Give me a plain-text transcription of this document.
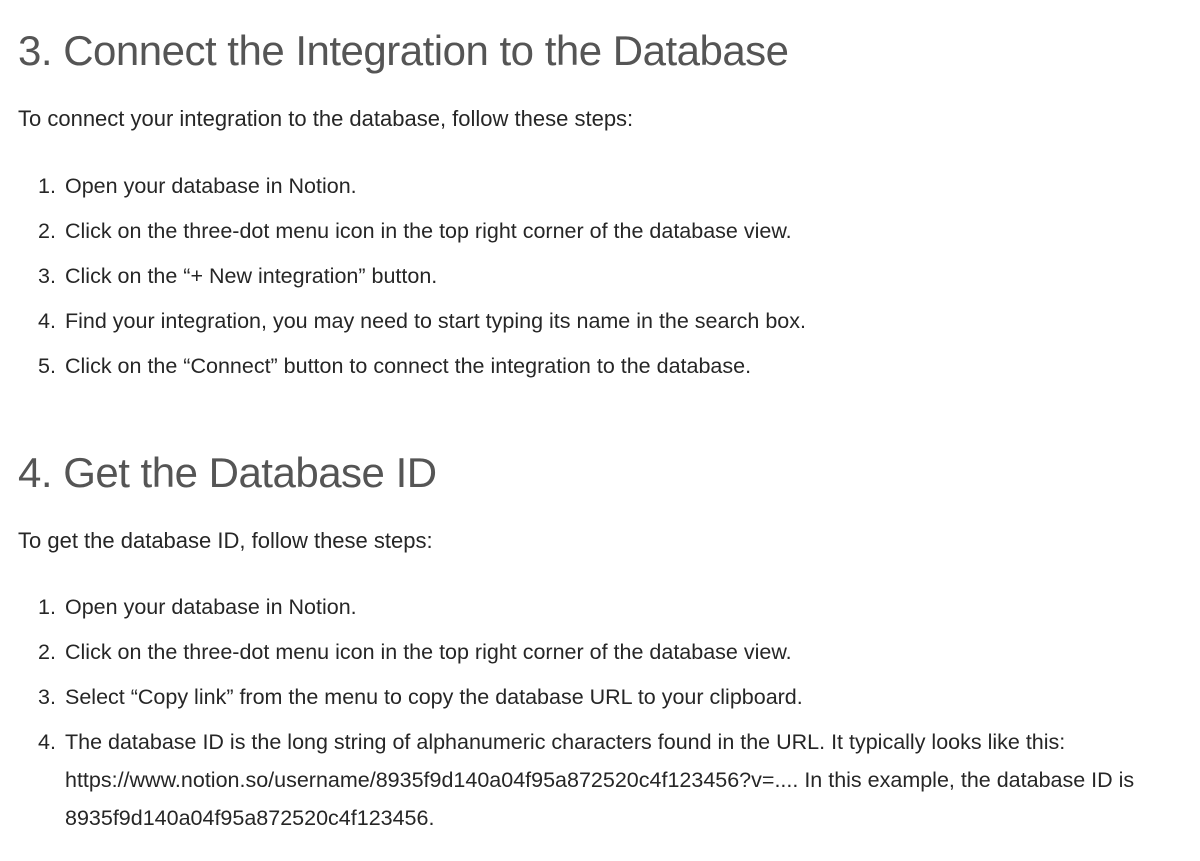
3. Connect the Integration to the Database

To connect your integration to the database, follow these steps:

1. Open your database in Notion.
2. Click on the three-dot menu icon in the top right corner of the database view.
3. Click on the “+ New integration” button.
4. Find your integration, you may need to start typing its name in the search box.
5. Click on the “Connect” button to connect the integration to the database.
4. Get the Database ID

To get the database ID, follow these steps:

1. Open your database in Notion.
2. Click on the three-dot menu icon in the top right corner of the database view.
3. Select “Copy link” from the menu to copy the database URL to your clipboard.
4. The database ID is the long string of alphanumeric characters found in the URL. It typically looks like this: https://www.notion.so/username/8935f9d140a04f95a872520c4f123456?v=.... In this example, the database ID is 8935f9d140a04f95a872520c4f123456.
